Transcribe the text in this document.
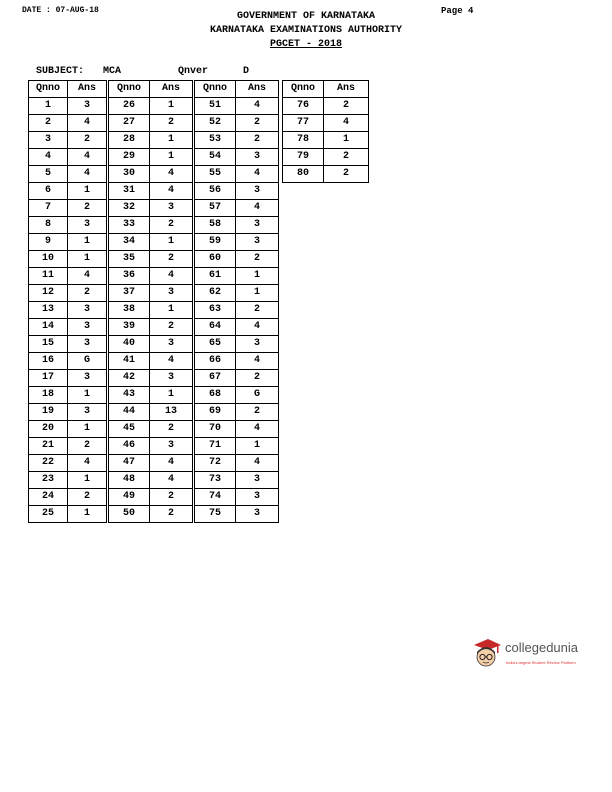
DATE : 07-AUG-18	Page 4
GOVERNMENT OF KARNATAKA
KARNATAKA EXAMINATIONS AUTHORITY
PGCET - 2018
SUBJECT: MCA	Qnver	D
Qnno	Ans
1	3
2	4
3	2
4	4
5	4
6	1
7	2
8	3
9	1
10	1
11	4
12	2
13	3
14	3
15	3
16	G
17	3
18	1
19	3
20	1
21	2
22	4
23	1
24	2
25	1
Qnno	Ans
26	1
27	2
28	1
29	1
30	4
31	4
32	3
33	2
34	1
35	2
36	4
37	3
38	1
39	2
40	3
41	4
42	3
43	1
44	13
45	2
46	3
47	4
48	4
49	2
50	2
Qnno	Ans
51	4
52	2
53	2
54	3
55	4
56	3
57	4
58	3
59	3
60	2
61	1
62	1
63	2
64	4
65	3
66	4
67	2
68	G
69	2
70	4
71	1
72	4
73	3
74	3
75	3
Qnno	Ans
76	2
77	4
78	1
79	2
80	2
collegedunia
India's largest Student Review Platform
